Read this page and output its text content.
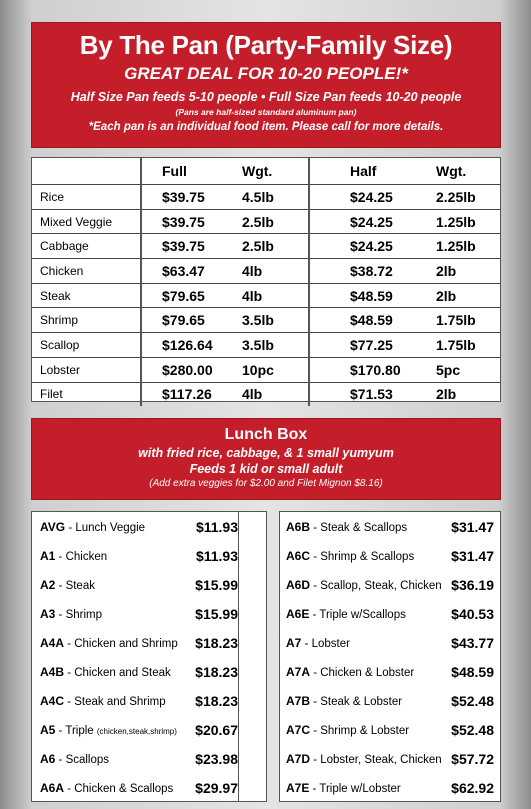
By The Pan (Party-Family Size)
GREAT DEAL FOR 10-20 PEOPLE!*
Half Size Pan feeds 5-10 people • Full Size Pan feeds 10-20 people
(Pans are half-sized standard aluminum pan)
*Each pan is an individual food item. Please call for more details.
	Full	Wgt.	Half	Wgt.
Rice	$39.75	4.5lb	$24.25	2.25lb
Mixed Veggie	$39.75	2.5lb	$24.25	1.25lb
Cabbage	$39.75	2.5lb	$24.25	1.25lb
Chicken	$63.47	4lb	$38.72	2lb
Steak	$79.65	4lb	$48.59	2lb
Shrimp	$79.65	3.5lb	$48.59	1.75lb
Scallop	$126.64	3.5lb	$77.25	1.75lb
Lobster	$280.00	10pc	$170.80	5pc
Filet	$117.26	4lb	$71.53	2lb
Lunch Box
with fried rice, cabbage, & 1 small yumyum
Feeds 1 kid or small adult
(Add extra veggies for $2.00 and Filet Mignon $8.16)
AVG - Lunch Veggie	$11.93
A1 - Chicken	$11.93
A2 - Steak	$15.99
A3 - Shrimp	$15.99
A4A - Chicken and Shrimp	$18.23
A4B - Chicken and Steak	$18.23
A4C - Steak and Shrimp	$18.23
A5 - Triple (chicken,steak,shrimp)	$20.67
A6 - Scallops	$23.98
A6A - Chicken & Scallops	$29.97
A6B - Steak & Scallops	$31.47
A6C - Shrimp & Scallops	$31.47
A6D - Scallop, Steak, Chicken $36.19
A6E - Triple w/Scallops	$40.53
A7 - Lobster	$43.77
A7A - Chicken & Lobster	$48.59
A7B - Steak & Lobster	$52.48
A7C - Shrimp & Lobster	$52.48
A7D - Lobster, Steak, Chicken $57.72
A7E - Triple w/Lobster	$62.92
